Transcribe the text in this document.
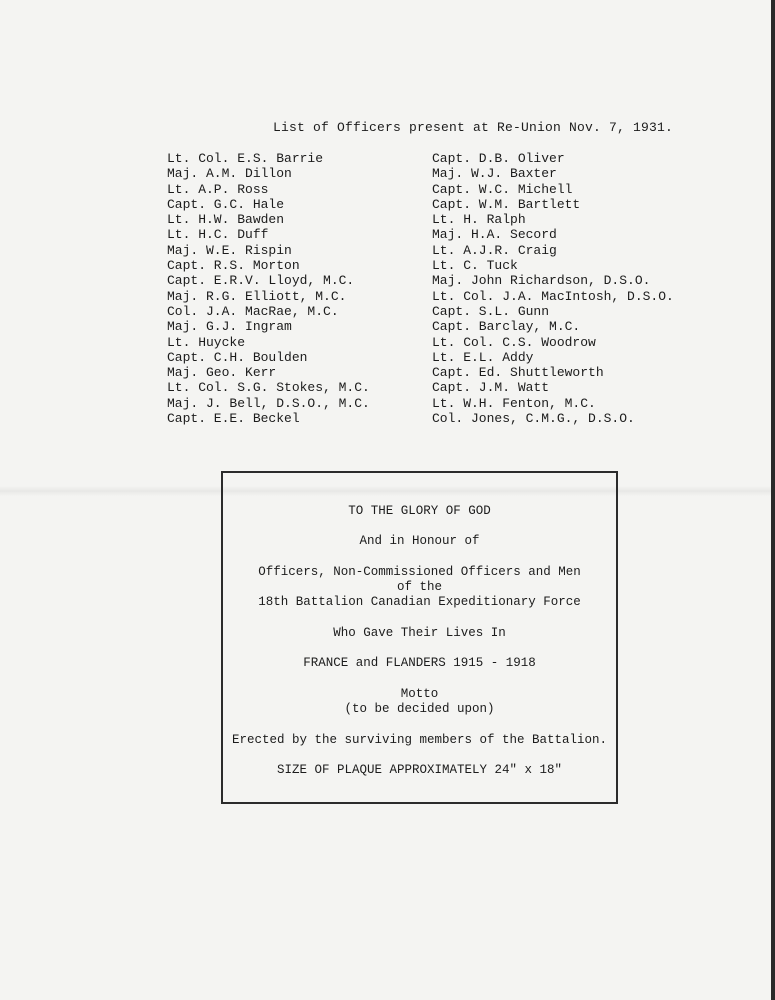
List of Officers present at Re-Union Nov. 7, 1931.
Lt. Col. E.S. Barrie
Maj. A.M. Dillon
Lt. A.P. Ross
Capt. G.C. Hale
Lt. H.W. Bawden
Lt. H.C. Duff
Maj. W.E. Rispin
Capt. R.S. Morton
Capt. E.R.V. Lloyd, M.C.
Maj. R.G. Elliott, M.C.
Col. J.A. MacRae, M.C.
Maj. G.J. Ingram
Lt. Huycke
Capt. C.H. Boulden
Maj. Geo. Kerr
Lt. Col. S.G. Stokes, M.C.
Maj. J. Bell, D.S.O., M.C.
Capt. E.E. Beckel
Capt. D.B. Oliver
Maj. W.J. Baxter
Capt. W.C. Michell
Capt. W.M. Bartlett
Lt. H. Ralph
Maj. H.A. Secord
Lt. A.J.R. Craig
Lt. C. Tuck
Maj. John Richardson, D.S.O.
Lt. Col. J.A. MacIntosh, D.S.O.
Capt. S.L. Gunn
Capt. Barclay, M.C.
Lt. Col. C.S. Woodrow
Lt. E.L. Addy
Capt. Ed. Shuttleworth
Capt. J.M. Watt
Lt. W.H. Fenton, M.C.
Col. Jones, C.M.G., D.S.O.
TO THE GLORY OF GOD
And in Honour of
Officers, Non-Commissioned Officers and Men
of the
18th Battalion Canadian Expeditionary Force
Who Gave Their Lives In
FRANCE and FLANDERS 1915 - 1918
Motto
(to be decided upon)
Erected by the surviving members of the Battalion.
SIZE OF PLAQUE APPROXIMATELY 24" x 18"
